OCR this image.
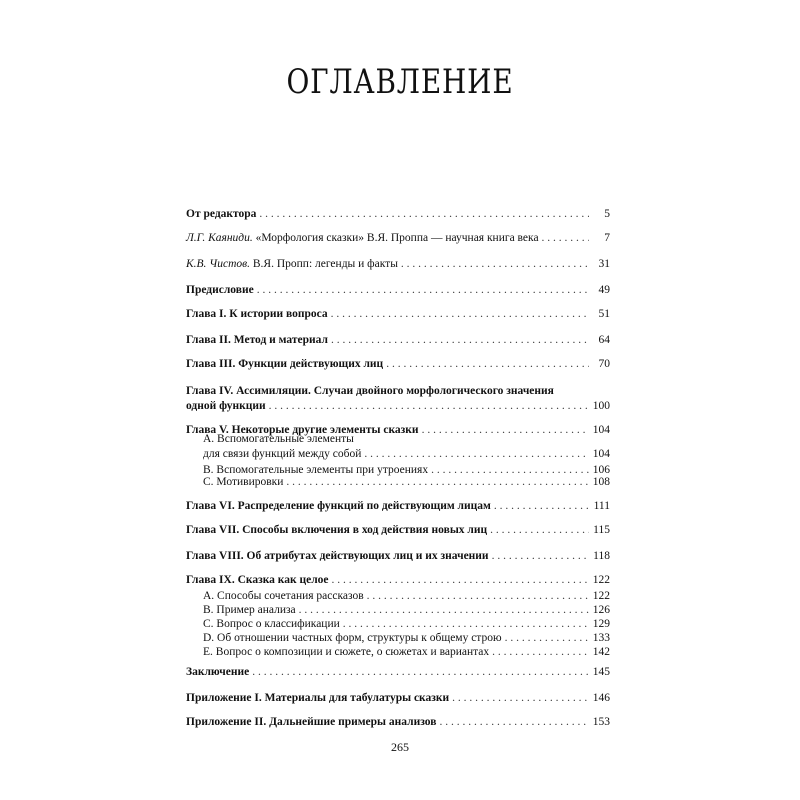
ОГЛАВЛЕНИЕ
От редактора . . .	5
Л.Г. Каяниди. «Морфология сказки» В.Я. Проппа — научная книга века . . .	7
К.В. Чистов. В.Я. Пропп: легенды и факты . . .	31
Предисловие . . .	49
Глава I. К истории вопроса . . .	51
Глава II. Метод и материал . . .	64
Глава III. Функции действующих лиц . . .	70
Глава IV. Ассимиляции. Случаи двойного морфологического значения
одной функции . . .	100
Глава V. Некоторые другие элементы сказки . . .	104
А. Вспомогательные элементы
для связи функций между собой . . .	104
B. Вспомогательные элементы при утроениях . . .	106
C. Мотивировки . . .	108
Глава VI. Распределение функций по действующим лицам . . .	111
Глава VII. Способы включения в ход действия новых лиц . . .	115
Глава VIII. Об атрибутах действующих лиц и их значении . . .	118
Глава IX. Сказка как целое . . .	122
А. Способы сочетания рассказов . . .	122
B. Пример анализа . . .	126
C. Вопрос о классификации . . .	129
D. Об отношении частных форм, структуры к общему строю . . .	133
E. Вопрос о композиции и сюжете, о сюжетах и вариантах . . .	142
Заключение . . .	145
Приложение I. Материалы для табулатуры сказки . . .	146
Приложение II. Дальнейшие примеры анализов . . .	153
265
